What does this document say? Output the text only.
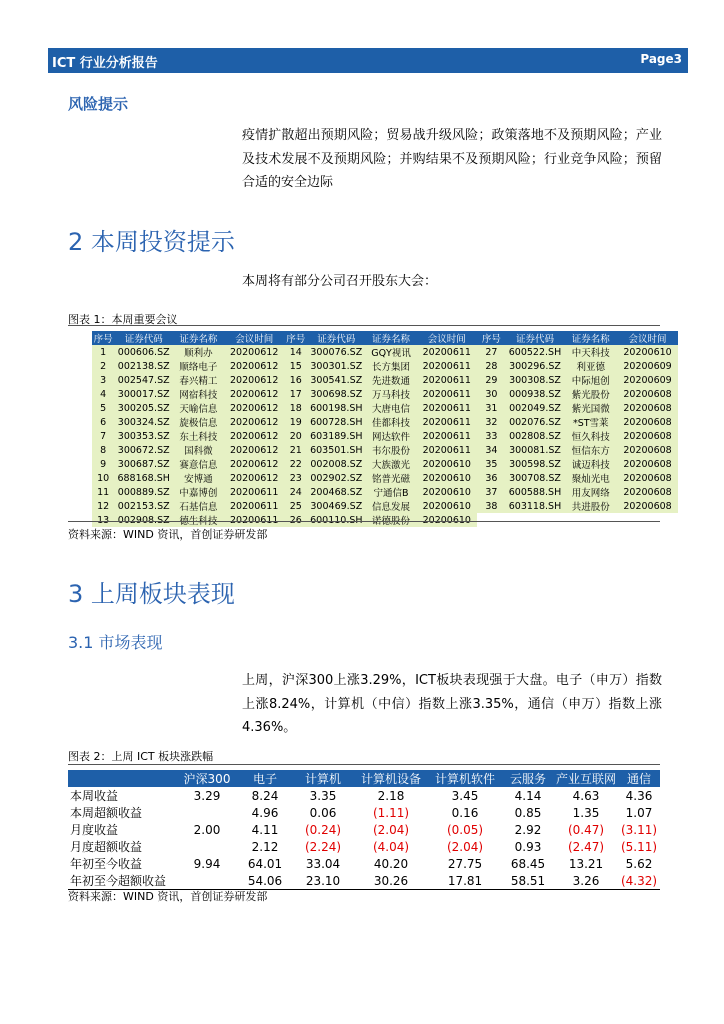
ICT 行业分析报告	Page3
风险提示
疫情扩散超出预期风险；贸易战升级风险；政策落地不及预期风险；产业及技术发展不及预期风险；并购结果不及预期风险；行业竞争风险；预留合适的安全边际
2 本周投资提示
本周将有部分公司召开股东大会：
图表 1：本周重要会议
序号	证券代码	证券名称	会议时间	序号	证券代码	证券名称	会议时间	序号	证券代码	证券名称	会议时间
1	000606.SZ	顺利办	20200612	14	300076.SZ	GQY视讯	20200611	27	600522.SH	中天科技	20200610
2	002138.SZ	顺络电子	20200612	15	300301.SZ	长方集团	20200611	28	300296.SZ	利亚德	20200609
3	002547.SZ	春兴精工	20200612	16	300541.SZ	先进数通	20200611	29	300308.SZ	中际旭创	20200609
4	300017.SZ	网宿科技	20200612	17	300698.SZ	万马科技	20200611	30	000938.SZ	紫光股份	20200608
5	300205.SZ	天喻信息	20200612	18	600198.SH	大唐电信	20200611	31	002049.SZ	紫光国微	20200608
6	300324.SZ	旋极信息	20200612	19	600728.SH	佳都科技	20200611	32	002076.SZ	*ST雪莱	20200608
7	300353.SZ	东土科技	20200612	20	603189.SH	网达软件	20200611	33	002808.SZ	恒久科技	20200608
8	300672.SZ	国科微	20200612	21	603501.SH	韦尔股份	20200611	34	300081.SZ	恒信东方	20200608
9	300687.SZ	赛意信息	20200612	22	002008.SZ	大族激光	20200610	35	300598.SZ	诚迈科技	20200608
10	688168.SH	安博通	20200612	23	002902.SZ	铭普光磁	20200610	36	300708.SZ	聚灿光电	20200608
11	000889.SZ	中嘉博创	20200611	24	200468.SZ	宁通信B	20200610	37	600588.SH	用友网络	20200608
12	002153.SZ	石基信息	20200611	25	300469.SZ	信息发展	20200610	38	603118.SH	共进股份	20200608
13	002908.SZ	德生科技	20200611	26	600110.SH	诺德股份	20200610				
资料来源：WIND 资讯，首创证券研发部
3 上周板块表现
3.1 市场表现
上周，沪深300上涨3.29%，ICT板块表现强于大盘。电子（申万）指数上涨8.24%，计算机（中信）指数上涨3.35%，通信（申万）指数上涨4.36%。
图表 2：上周 ICT 板块涨跌幅
	沪深300	电子	计算机	计算机设备	计算机软件	云服务	产业互联网	通信
本周收益	3.29	8.24	3.35	2.18	3.45	4.14	4.63	4.36
本周超额收益		4.96	0.06	(1.11)	0.16	0.85	1.35	1.07
月度收益	2.00	4.11	(0.24)	(2.04)	(0.05)	2.92	(0.47)	(3.11)
月度超额收益		2.12	(2.24)	(4.04)	(2.04)	0.93	(2.47)	(5.11)
年初至今收益	9.94	64.01	33.04	40.20	27.75	68.45	13.21	5.62
年初至今超额收益		54.06	23.10	30.26	17.81	58.51	3.26	(4.32)
资料来源：WIND 资讯，首创证券研发部
